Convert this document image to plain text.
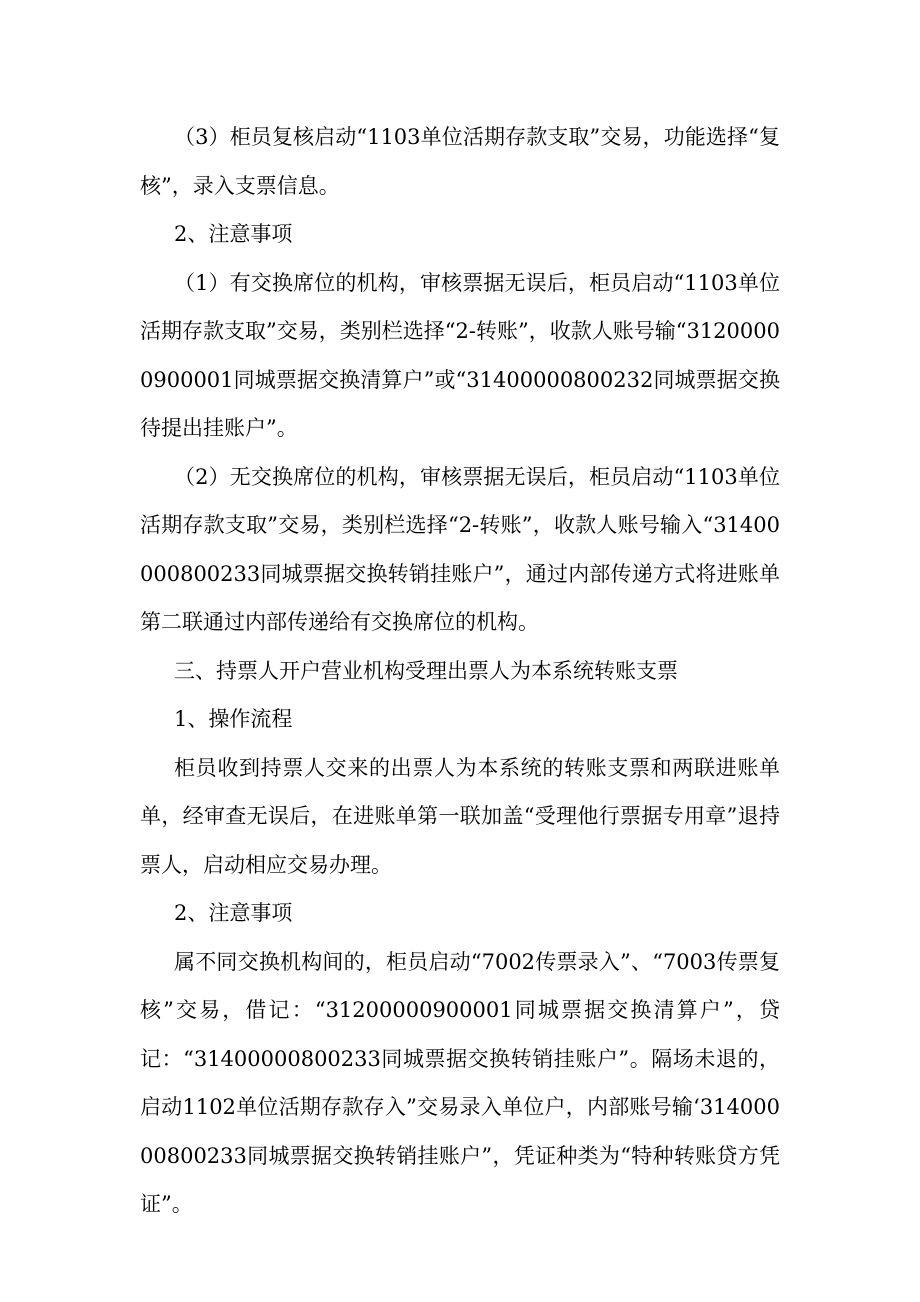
（3）柜员复核启动“1103单位活期存款支取”交易，功能选择“复核”，录入支票信息。

2、注意事项

（1）有交换席位的机构，审核票据无误后，柜员启动“1103单位活期存款支取”交易，类别栏选择“2-转账”，收款人账号输“31200000900001同城票据交换清算户”或“31400000800232同城票据交换待提出挂账户”。

（2）无交换席位的机构，审核票据无误后，柜员启动“1103单位活期存款支取”交易，类别栏选择“2-转账”，收款人账号输入“31400000800233同城票据交换转销挂账户”，通过内部传递方式将进账单第二联通过内部传递给有交换席位的机构。

三、持票人开户营业机构受理出票人为本系统转账支票

1、操作流程

柜员收到持票人交来的出票人为本系统的转账支票和两联进账单单，经审查无误后，在进账单第一联加盖“受理他行票据专用章”退持票人，启动相应交易办理。

2、注意事项

属不同交换机构间的，柜员启动“7002传票录入”、“7003传票复核”交易，借记：“31200000900001同城票据交换清算户”，贷记：“31400000800233同城票据交换转销挂账户”。隔场未退的，启动1102单位活期存款存入”交易录入单位户，内部账号输‘31400000800233同城票据交换转销挂账户”，凭证种类为“特种转账贷方凭证”。
